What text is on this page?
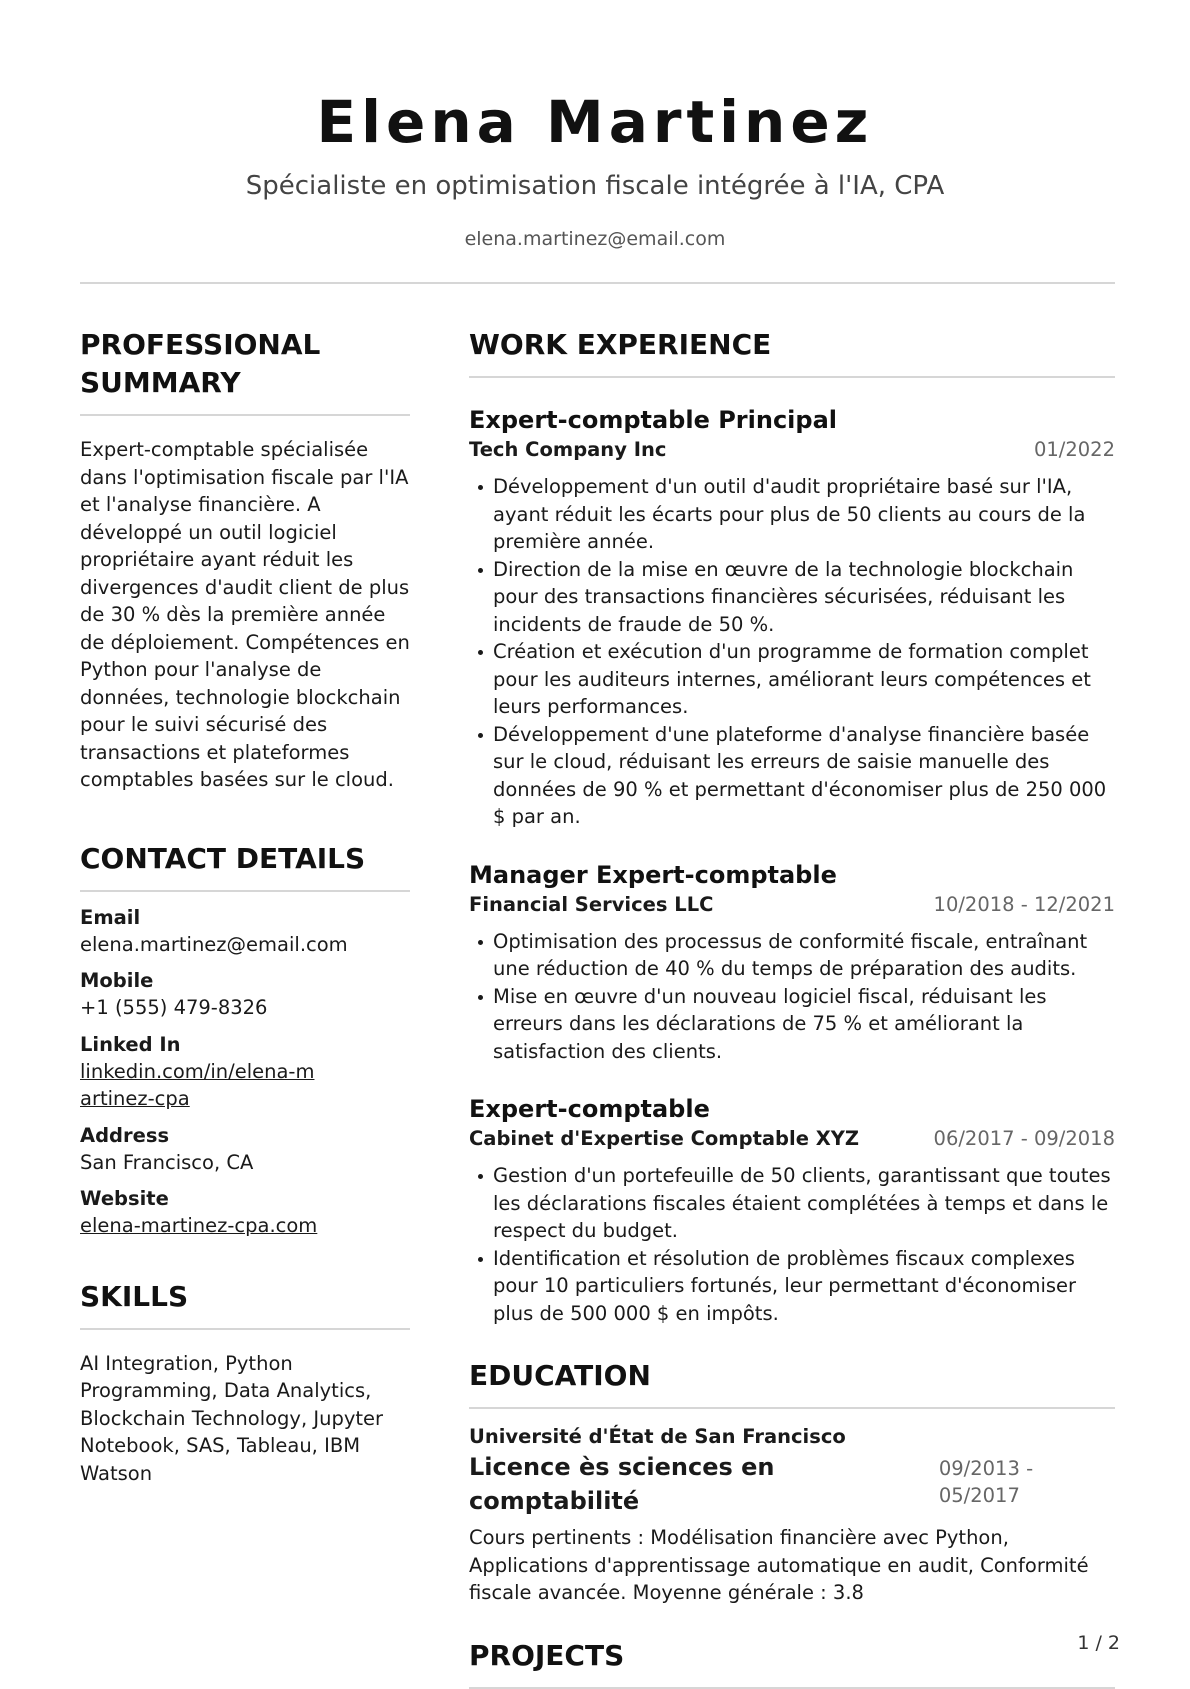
Elena Martinez
Spécialiste en optimisation fiscale intégrée à l'IA, CPA
elena.martinez@email.com
PROFESSIONAL SUMMARY
Expert-comptable spécialisée dans l'optimisation fiscale par l'IA et l'analyse financière. A développé un outil logiciel propriétaire ayant réduit les divergences d'audit client de plus de 30 % dès la première année de déploiement. Compétences en Python pour l'analyse de données, technologie blockchain pour le suivi sécurisé des transactions et plateformes comptables basées sur le cloud.
CONTACT DETAILS
Email
elena.martinez@email.com
Mobile
+1 (555) 479-8326
Linked In
linkedin.com/in/elena-martinez-cpa
Address
San Francisco, CA
Website
elena-martinez-cpa.com
SKILLS
AI Integration, Python Programming, Data Analytics, Blockchain Technology, Jupyter Notebook, SAS, Tableau, IBM Watson
WORK EXPERIENCE
Expert-comptable Principal
Tech Company Inc	01/2022
Développement d'un outil d'audit propriétaire basé sur l'IA, ayant réduit les écarts pour plus de 50 clients au cours de la première année.
Direction de la mise en œuvre de la technologie blockchain pour des transactions financières sécurisées, réduisant les incidents de fraude de 50 %.
Création et exécution d'un programme de formation complet pour les auditeurs internes, améliorant leurs compétences et leurs performances.
Développement d'une plateforme d'analyse financière basée sur le cloud, réduisant les erreurs de saisie manuelle des données de 90 % et permettant d'économiser plus de 250 000 $ par an.
Manager Expert-comptable
Financial Services LLC	10/2018 - 12/2021
Optimisation des processus de conformité fiscale, entraînant une réduction de 40 % du temps de préparation des audits.
Mise en œuvre d'un nouveau logiciel fiscal, réduisant les erreurs dans les déclarations de 75 % et améliorant la satisfaction des clients.
Expert-comptable
Cabinet d'Expertise Comptable XYZ	06/2017 - 09/2018
Gestion d'un portefeuille de 50 clients, garantissant que toutes les déclarations fiscales étaient complétées à temps et dans le respect du budget.
Identification et résolution de problèmes fiscaux complexes pour 10 particuliers fortunés, leur permettant d'économiser plus de 500 000 $ en impôts.
EDUCATION
Université d'État de San Francisco
Licence ès sciences en comptabilité
09/2013 - 05/2017
Cours pertinents : Modélisation financière avec Python, Applications d'apprentissage automatique en audit, Conformité fiscale avancée. Moyenne générale : 3.8
PROJECTS	1 / 2
